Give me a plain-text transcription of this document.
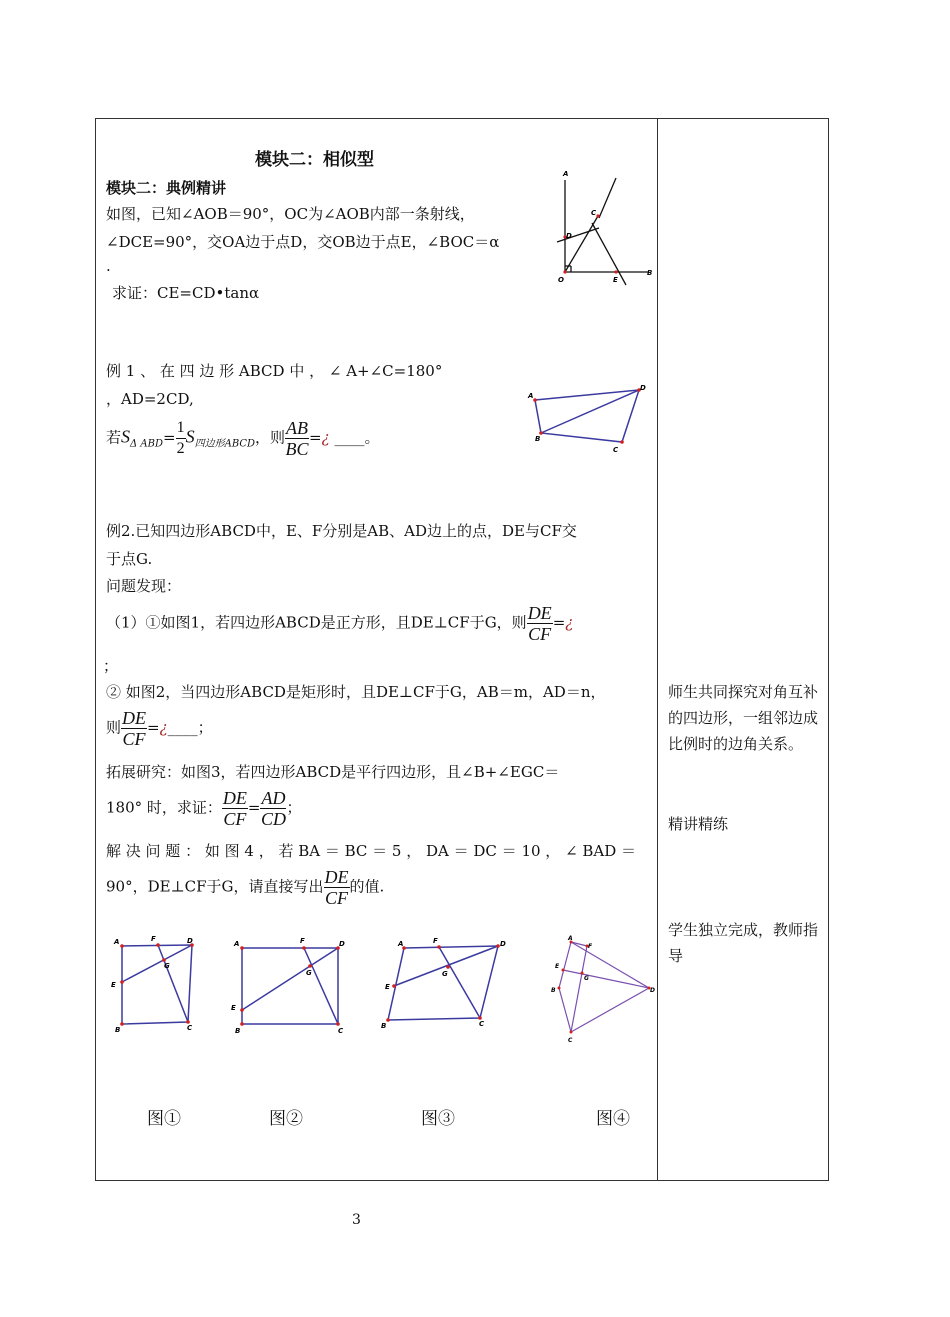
模块二：相似型
模块二：典例精讲
如图，已知∠AOB＝90°，OC为∠AOB内部一条射线，
∠DCE=90°，交OA边于点D，交OB边于点E，∠BOC＝α
.
求证：CE=CD•tanα
A
D
C
O	E
B
例 1 、 在 四 边 形 ABCD 中 ， ∠ A+∠C=180°
，AD=2CD,
若$S_{\Delta ABD}= \frac{1}{2} S_{四边形ABCD}$，则 $\frac{AB}{BC}$ =¿ ____。
A
D
B
C
例2.已知四边形ABCD中，E、F分别是AB、AD边上的点，DE与CF交
于点G.
问题发现：
（1）①如图1，若四边形ABCD是正方形，且DE⊥CF于G，则 $\frac{DE}{CF}$ =¿
；
② 如图2，当四边形ABCD是矩形时，且DE⊥CF于G，AB＝m，AD＝n，
则 $\frac{DE}{CF}$ =¿____；
拓展研究：如图3，若四边形ABCD是平行四边形，且∠B+∠EGC＝
180° 时，求证： $\frac{DE}{CF} = \frac{AD}{CD}$ ；
解 决 问 题 ： 如 图 4 ， 若 BA ＝ BC ＝ 5 ， DA ＝ DC ＝ 10 ， ∠ BAD ＝
90°，DE⊥CF于G，请直接写出 $\frac{DE}{CF}$ 的值.
A	F	D
G
E
B	C
A	F	D
G
E
B	C
A	F	D
G
E
B	C
A
F
E
G
B	D
C
图①	图②	图③	图④
师生共同探究对角互补的四边形，一组邻边成比例时的边角关系。
精讲精练
学生独立完成，教师指导
3
